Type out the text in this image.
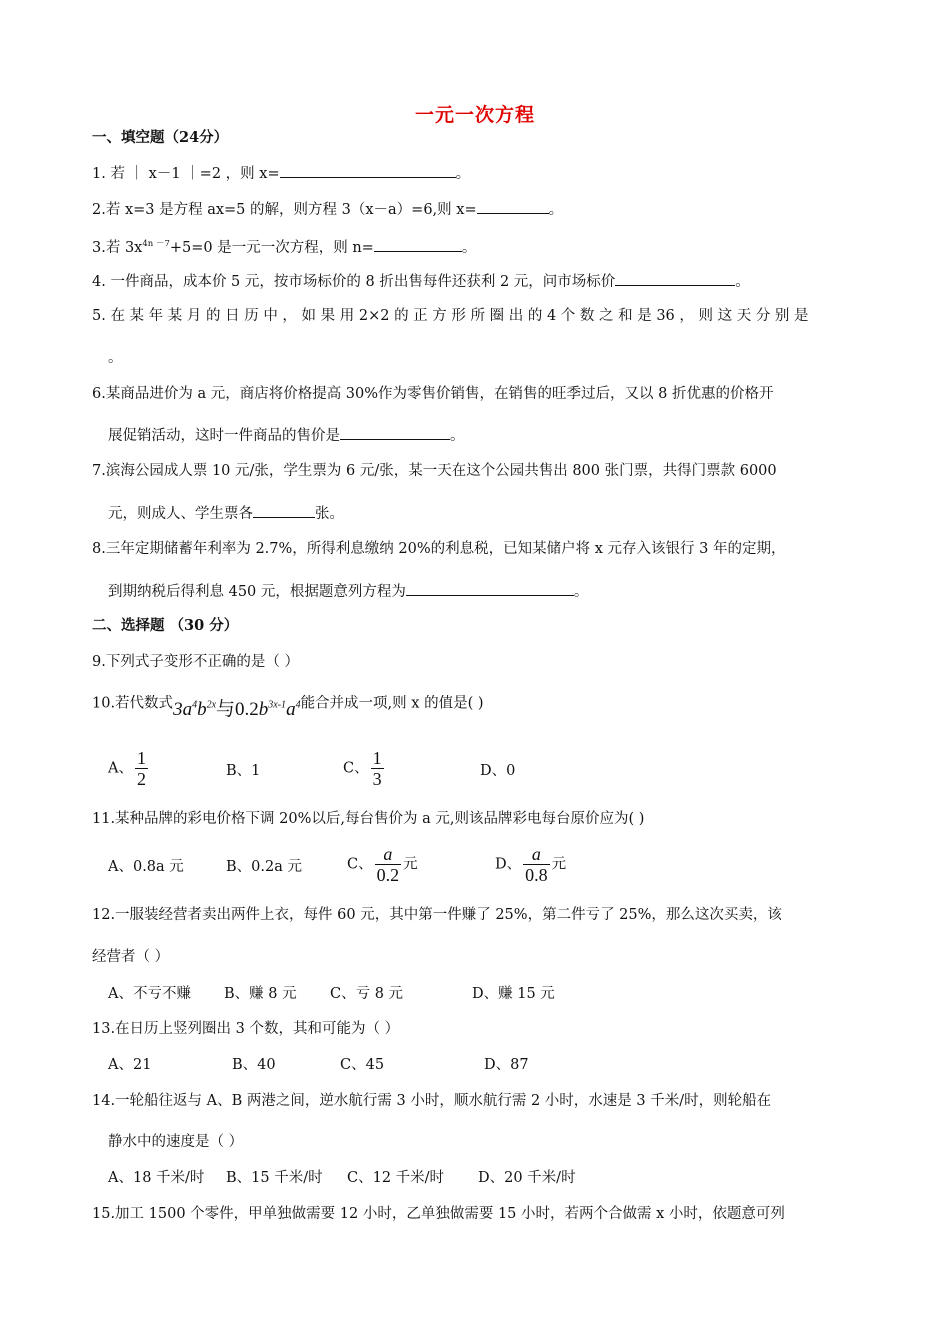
一元一次方程
一、填空题（24分）
1. 若 ｜ x－1 ｜=2 ，则 x=	。
2.若 x=3 是方程 ax=5 的解，则方程 3（x－a）=6,则 x=	。
3.若 $3x^{4n -7}+5=0$ 是一元一次方程，则 n=	。
4. 一件商品，成本价 5 元，按市场标价的 8 折出售每件还获利 2 元，问市场标价	。
5. 在 某 年 某 月 的 日 历 中 ， 如 果 用 2×2 的 正 方 形 所 圈 出 的 4 个 数 之 和 是 36 ， 则 这 天 分 别 是
。
6.某商品进价为 a 元，商店将价格提高 30%作为零售价销售，在销售的旺季过后，又以 8 折优惠的价格开
展促销活动，这时一件商品的售价是	。
7.滨海公园成人票 10 元/张，学生票为 6 元/张，某一天在这个公园共售出 800 张门票，共得门票款 6000
元，则成人、学生票各	张。
8.三年定期储蓄年利率为 2.7%，所得利息缴纳 20%的利息税，已知某储户将 x 元存入该银行 3 年的定期，
到期纳税后得利息 450 元，根据题意列方程为	。
二、选择题 （30 分）
9.下列式子变形不正确的是（ ）
10.若代数式$3a^4b^{2x}$与$0.2b^{3x-1}a^4$能合并成一项,则 x 的值是( )
A、 $\frac{1}{2}$	B、1	C、 $\frac{1}{3}$	D、0
11.某种品牌的彩电价格下调 20%以后,每台售价为 a 元,则该品牌彩电每台原价应为( )
A、0.8a 元	B、0.2a 元	C、 $\frac{a}{0.2}$ 元	D、 $\frac{a}{0.8}$ 元
12.一服装经营者卖出两件上衣，每件 60 元，其中第一件赚了 25%，第二件亏了 25%，那么这次买卖，该
经营者（ ）
A、不亏不赚 B、赚 8 元 C、亏 8 元	D、赚 15 元
13.在日历上竖列圈出 3 个数，其和可能为（ ）
A、21	B、40	C、45	D、87
14.一轮船往返与 A、B 两港之间，逆水航行需 3 小时，顺水航行需 2 小时，水速是 3 千米/时，则轮船在
静水中的速度是（ ）
A、18 千米/时 B、15 千米/时 C、12 千米/时 D、20 千米/时
15.加工 1500 个零件，甲单独做需要 12 小时，乙单独做需要 15 小时，若两个合做需 x 小时，依题意可列
